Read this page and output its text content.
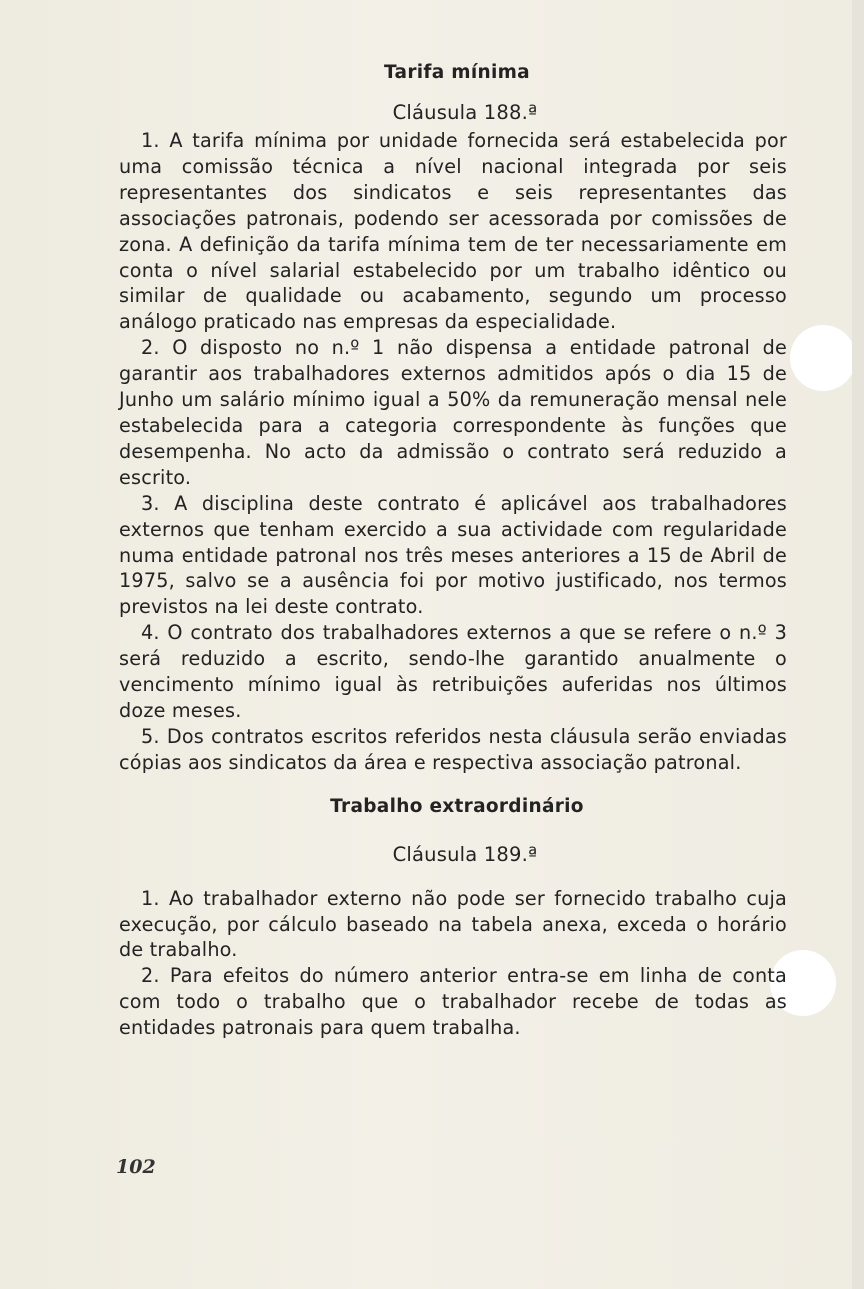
Tarifa mínima
Cláusula 188.ª

1. A tarifa mínima por unidade fornecida será estabelecida por uma comissão técnica a nível nacional integrada por seis representantes dos sindicatos e seis representantes das associações patronais, podendo ser acessorada por comissões de zona. A definição da tarifa mínima tem de ter necessariamente em conta o nível salarial estabelecido por um trabalho idêntico ou similar de qualidade ou acabamento, segundo um processo análogo praticado nas empresas da especialidade.

2. O disposto no n.º 1 não dispensa a entidade patronal de garantir aos trabalhadores externos admitidos após o dia 15 de Junho um salário mínimo igual a 50% da remuneração mensal nele estabelecida para a categoria correspondente às funções que desempenha. No acto da admissão o contrato será reduzido a escrito.

3. A disciplina deste contrato é aplicável aos trabalhadores externos que tenham exercido a sua actividade com regularidade numa entidade patronal nos três meses anteriores a 15 de Abril de 1975, salvo se a ausência foi por motivo justificado, nos termos previstos na lei deste contrato.

4. O contrato dos trabalhadores externos a que se refere o n.º 3 será reduzido a escrito, sendo-lhe garantido anualmente o vencimento mínimo igual às retribuições auferidas nos últimos doze meses.

5. Dos contratos escritos referidos nesta cláusula serão enviadas cópias aos sindicatos da área e respectiva associação patronal.

Trabalho extraordinário
Cláusula 189.ª

1. Ao trabalhador externo não pode ser fornecido trabalho cuja execução, por cálculo baseado na tabela anexa, exceda o horário de trabalho.

2. Para efeitos do número anterior entra-se em linha de conta com todo o trabalho que o trabalhador recebe de todas as entidades patronais para quem trabalha.

102
